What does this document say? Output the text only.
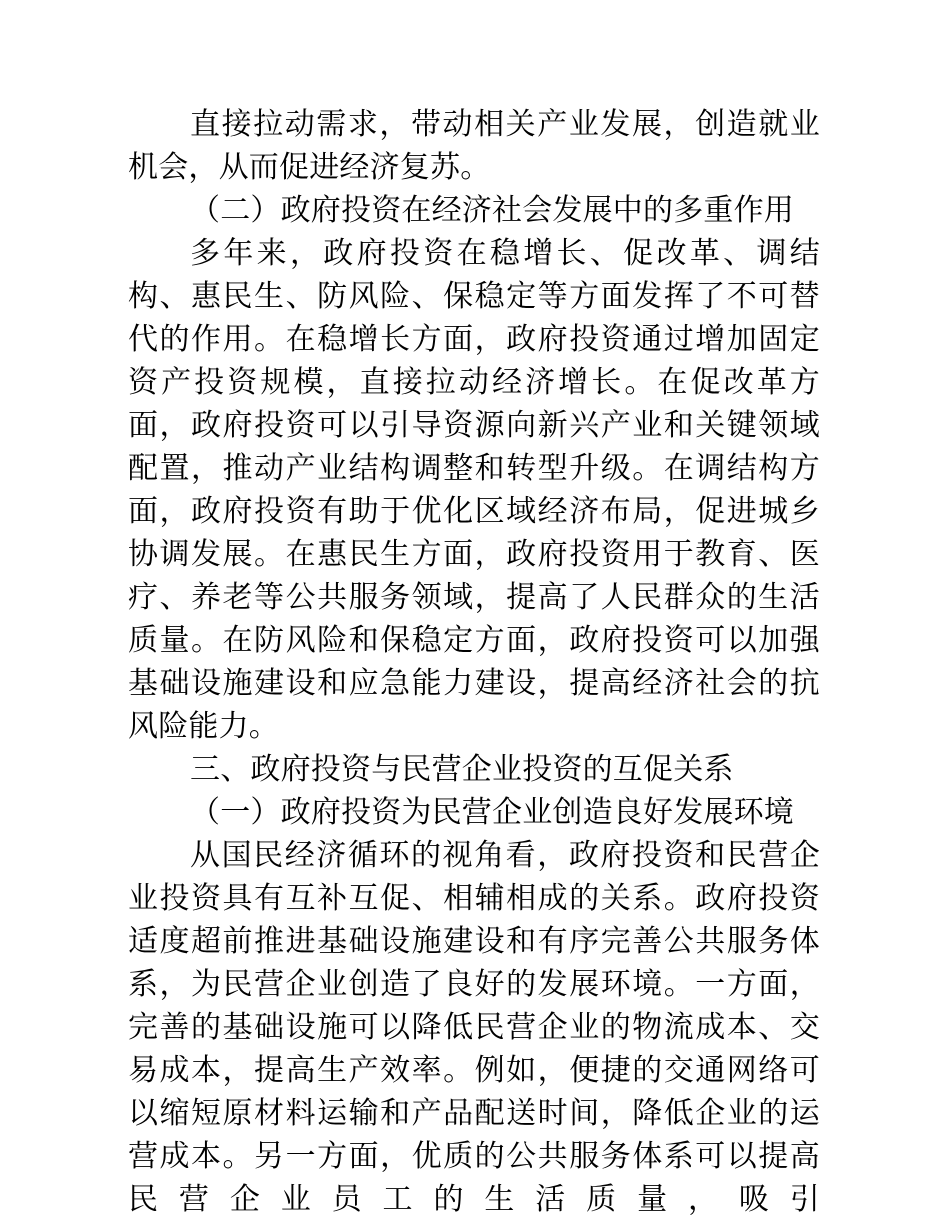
直接拉动需求，带动相关产业发展，创造就业机会，从而促进经济复苏。

（二）政府投资在经济社会发展中的多重作用

多年来，政府投资在稳增长、促改革、调结构、惠民生、防风险、保稳定等方面发挥了不可替代的作用。在稳增长方面，政府投资通过增加固定资产投资规模，直接拉动经济增长。在促改革方面，政府投资可以引导资源向新兴产业和关键领域配置，推动产业结构调整和转型升级。在调结构方面，政府投资有助于优化区域经济布局，促进城乡协调发展。在惠民生方面，政府投资用于教育、医疗、养老等公共服务领域，提高了人民群众的生活质量。在防风险和保稳定方面，政府投资可以加强基础设施建设和应急能力建设，提高经济社会的抗风险能力。

三、政府投资与民营企业投资的互促关系

（一）政府投资为民营企业创造良好发展环境

从国民经济循环的视角看，政府投资和民营企业投资具有互补互促、相辅相成的关系。政府投资适度超前推进基础设施建设和有序完善公共服务体系，为民营企业创造了良好的发展环境。一方面，完善的基础设施可以降低民营企业的物流成本、交易成本，提高生产效率。例如，便捷的交通网络可以缩短原材料运输和产品配送时间，降低企业的运营成本。另一方面，优质的公共服务体系可以提高民营企业员工的生活质量，吸引
